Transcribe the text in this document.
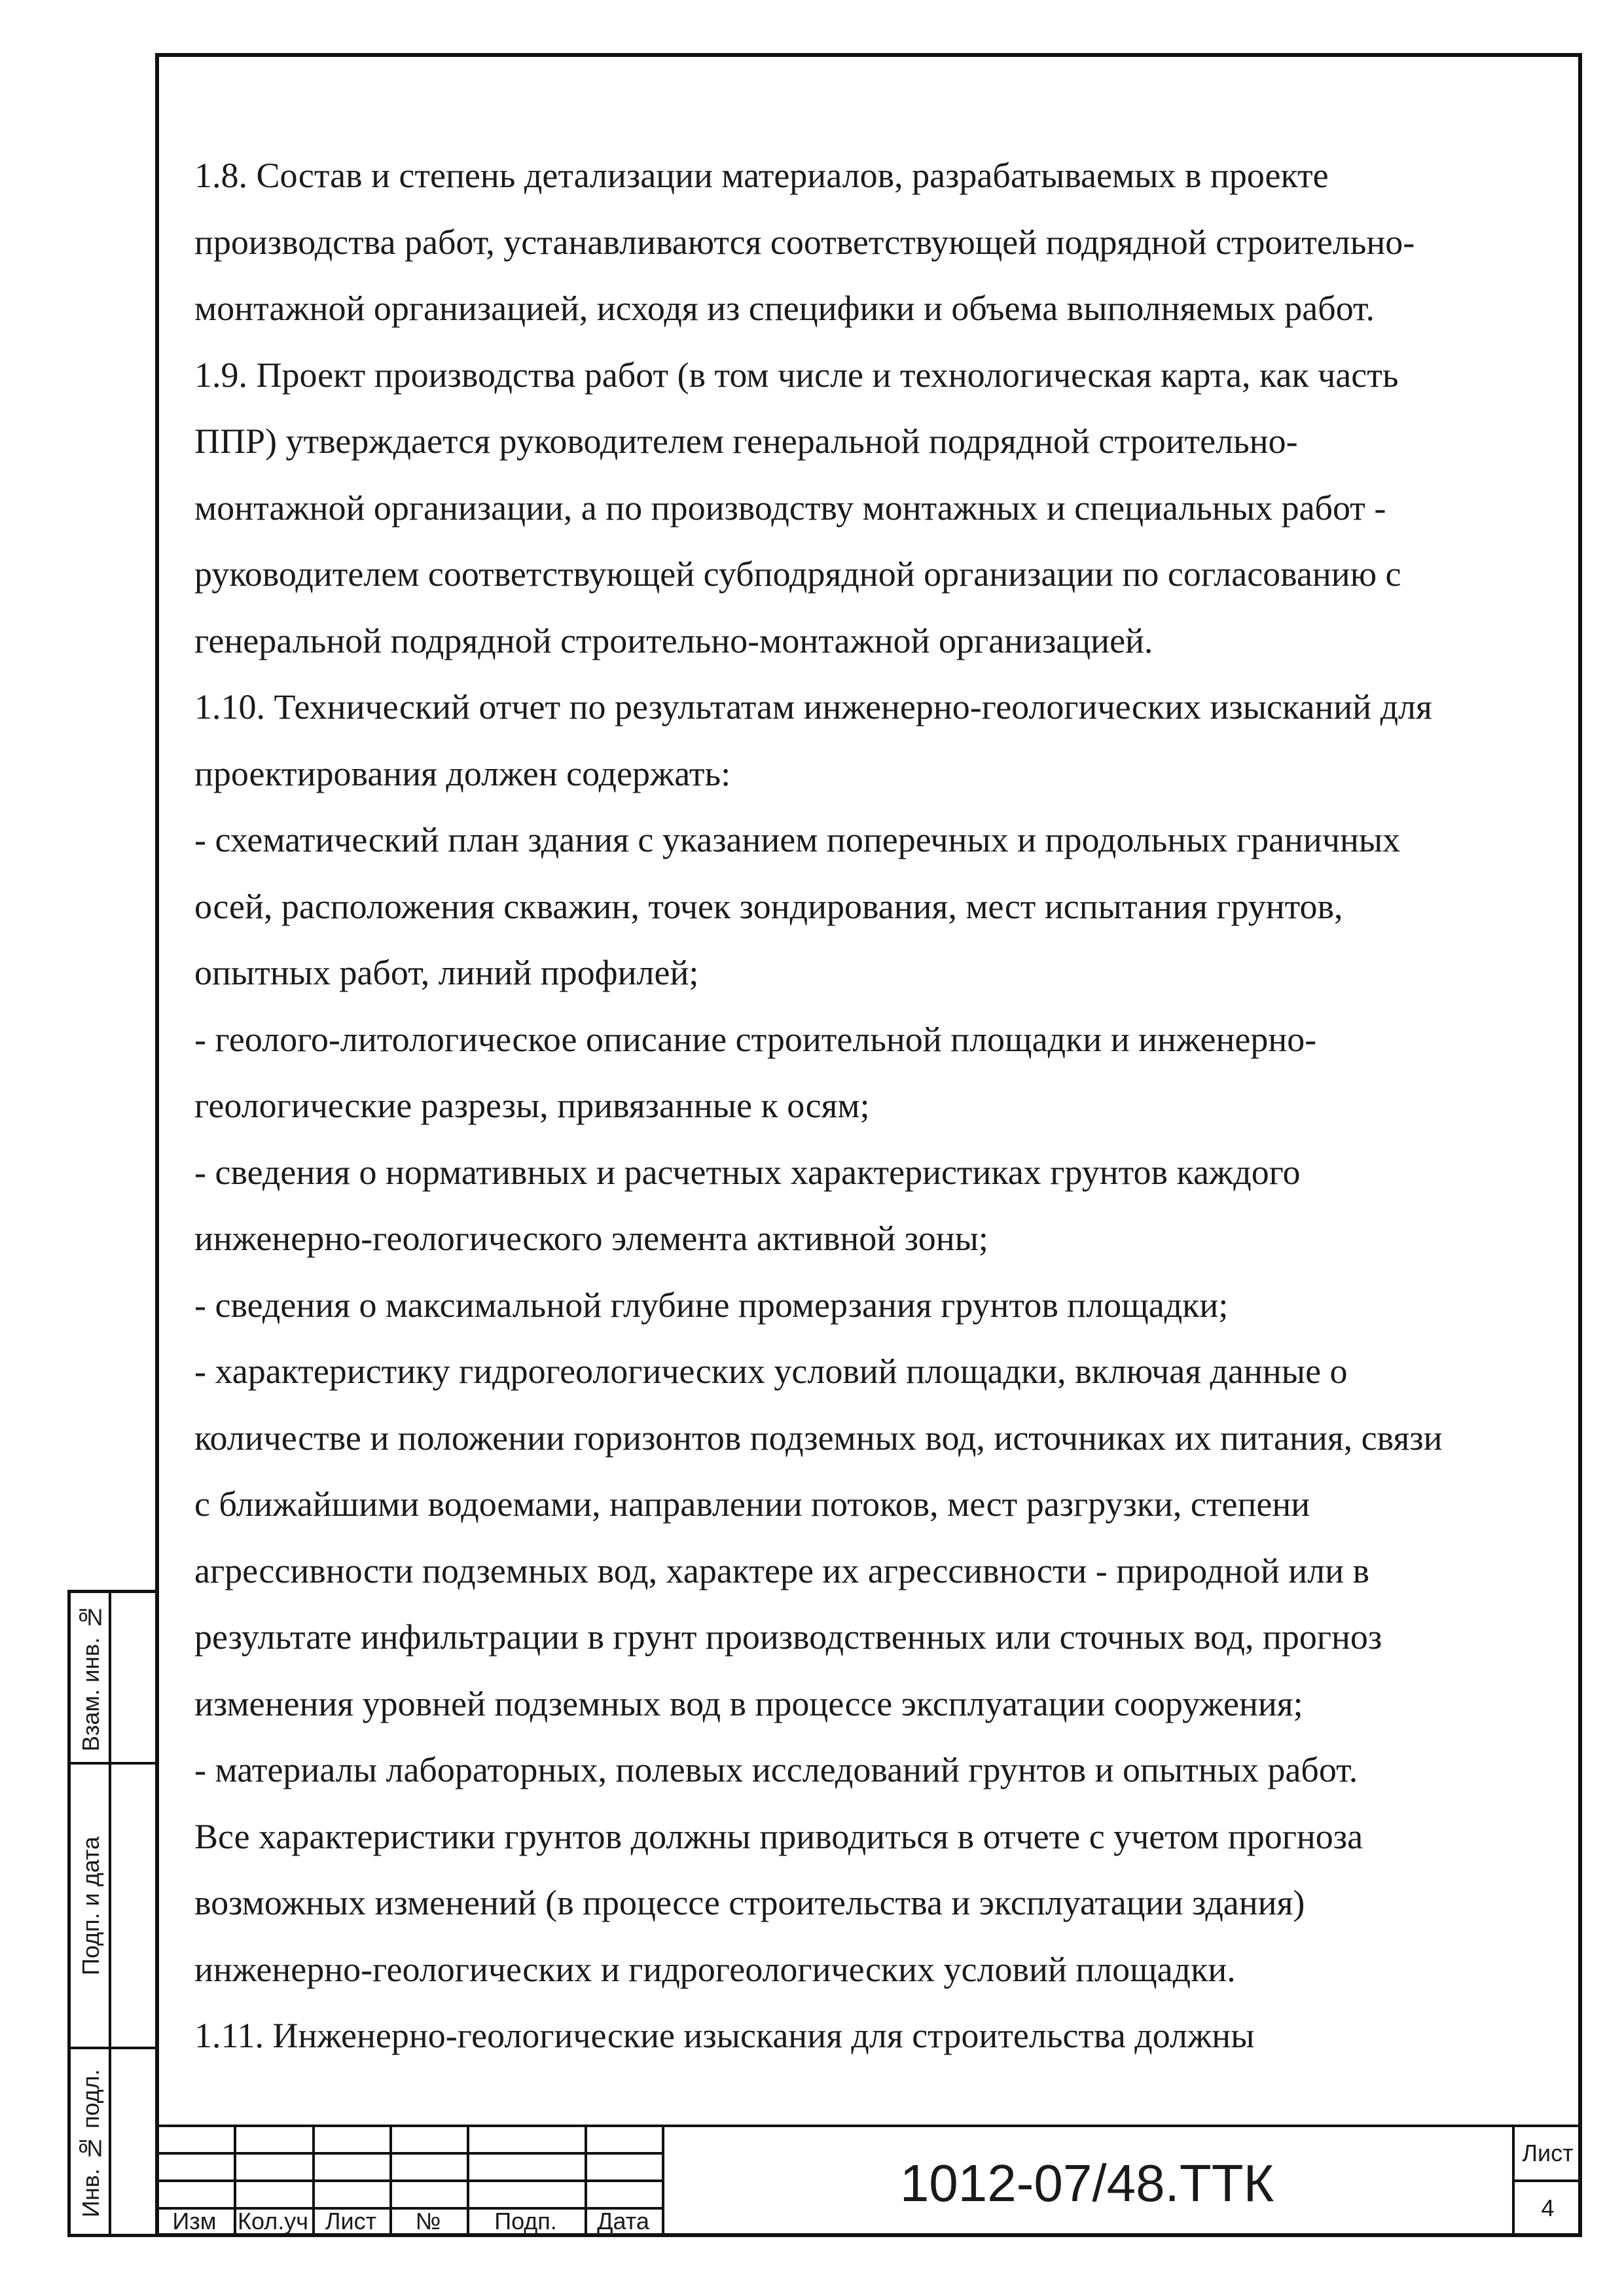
1.8. Состав и степень детализации материалов, разрабатываемых в проекте

производства работ, устанавливаются соответствующей подрядной строительно-

монтажной организацией, исходя из специфики и объема выполняемых работ.

1.9. Проект производства работ (в том числе и технологическая карта, как часть

ППР) утверждается руководителем генеральной подрядной строительно-

монтажной организации, а по производству монтажных и специальных работ -

руководителем соответствующей субподрядной организации по согласованию с

генеральной подрядной строительно-монтажной организацией.

1.10. Технический отчет по результатам инженерно-геологических изысканий для

проектирования должен содержать:

- схематический план здания с указанием поперечных и продольных граничных

осей, расположения скважин, точек зондирования, мест испытания грунтов,

опытных работ, линий профилей;

- геолого-литологическое описание строительной площадки и инженерно-

геологические разрезы, привязанные к осям;

- сведения о нормативных и расчетных характеристиках грунтов каждого

инженерно-геологического элемента активной зоны;

- сведения о максимальной глубине промерзания грунтов площадки;

- характеристику гидрогеологических условий площадки, включая данные о

количестве и положении горизонтов подземных вод, источниках их питания, связи

с ближайшими водоемами, направлении потоков, мест разгрузки, степени

агрессивности подземных вод, характере их агрессивности - природной или в

результате инфильтрации в грунт производственных или сточных вод, прогноз

изменения уровней подземных вод в процессе эксплуатации сооружения;

- материалы лабораторных, полевых исследований грунтов и опытных работ.

Все характеристики грунтов должны приводиться в отчете с учетом прогноза

возможных изменений (в процессе строительства и эксплуатации здания)

инженерно-геологических и гидрогеологических условий площадки.

1.11. Инженерно-геологические изыскания для строительства должны

Взам. инв. №
Подп. и дата
Инв. № подл.
Изм Кол.уч Лист	№	Подп.	Дата
1012-07/48.ТТК
Лист
4
